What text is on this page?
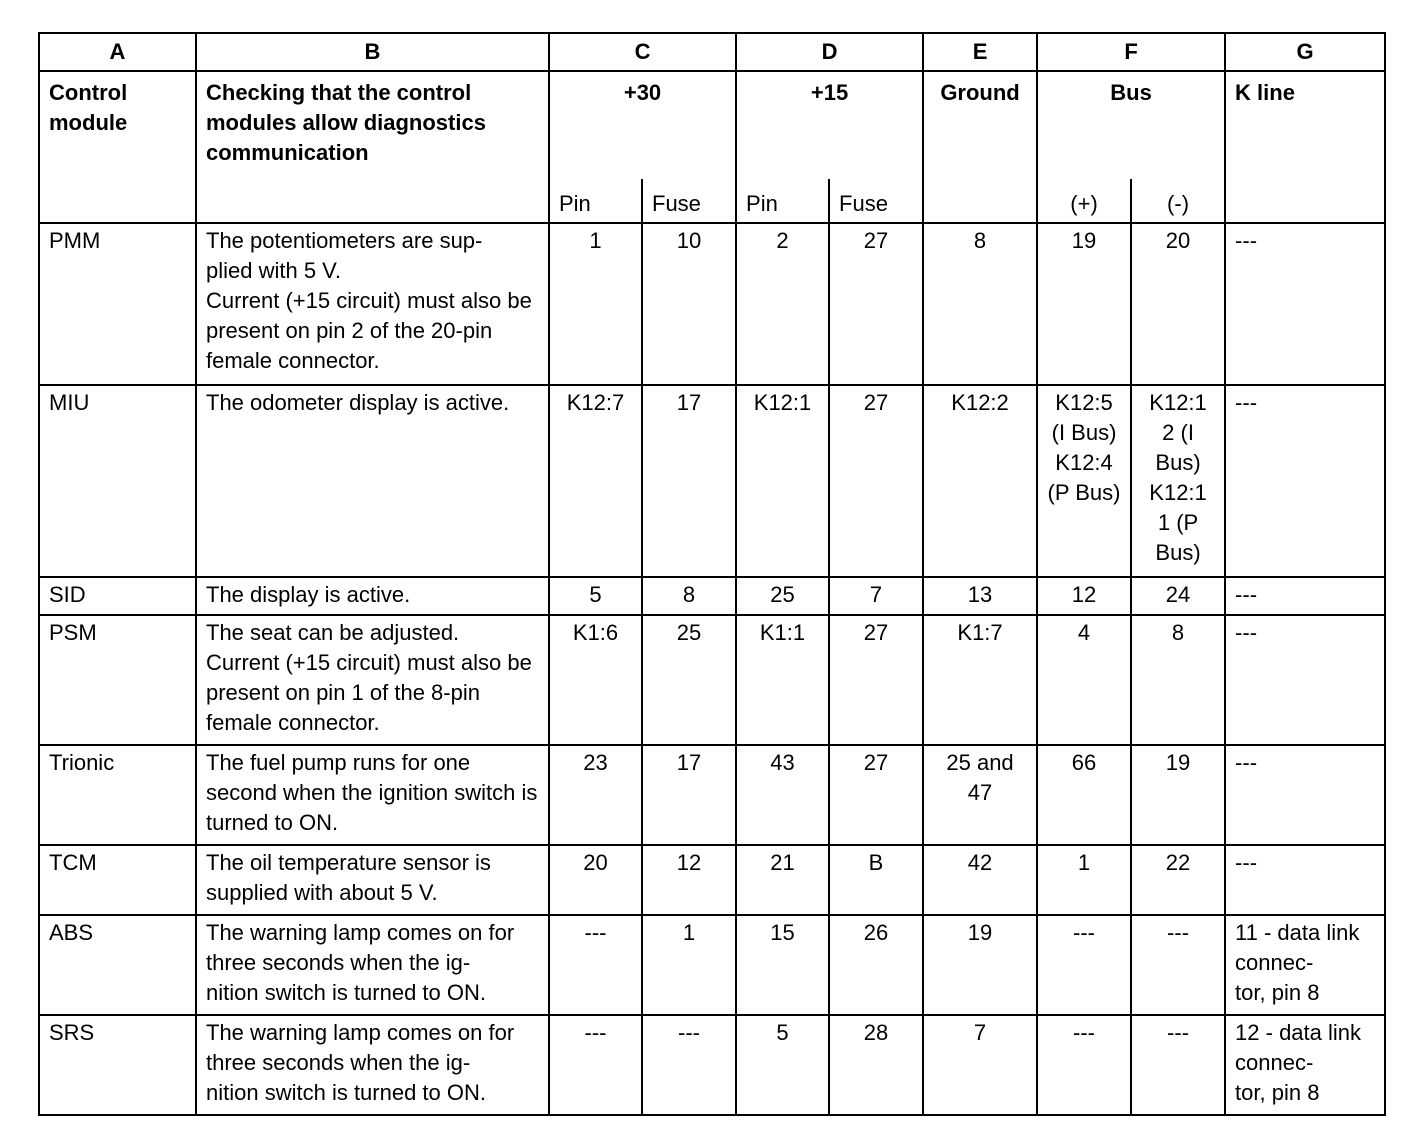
A	B	C		D		E	F		G
Control module	Checking that the control modules allow diagnostics communication	+30		+15		Ground	Bus		K line
		Pin	Fuse	Pin	Fuse		(+)	(-)	
PMM	The potentiometers are sup-
plied with 5 V.
Current (+15 circuit) must also be present on pin 2 of the 20-pin female connector.	1	10	2	27	8	19	20	---
MIU	The odometer display is active.	K12:7	17	K12:1	27	K12:2	K12:5 (I Bus) K12:4 (P Bus)	K12:1 2 (I Bus) K12:1 1 (P Bus)	---
SID	The display is active.	5	8	25	7	13	12	24	---
PSM	The seat can be adjusted.
Current (+15 circuit) must also be present on pin 1 of the 8-pin female connector.	K1:6	25	K1:1	27	K1:7	4	8	---
Trionic	The fuel pump runs for one second when the ignition switch is turned to ON.	23	17	43	27	25 and 47	66	19	---
TCM	The oil temperature sensor is supplied with about 5 V.	20	12	21	B	42	1	22	---
ABS	The warning lamp comes on for three seconds when the ig-
nition switch is turned to ON.	---	1	15	26	19	---	---	11 - data link connec-
tor, pin 8
SRS	The warning lamp comes on for three seconds when the ig-
nition switch is turned to ON.	---	---	5	28	7	---	---	12 - data link connec-
tor, pin 8
